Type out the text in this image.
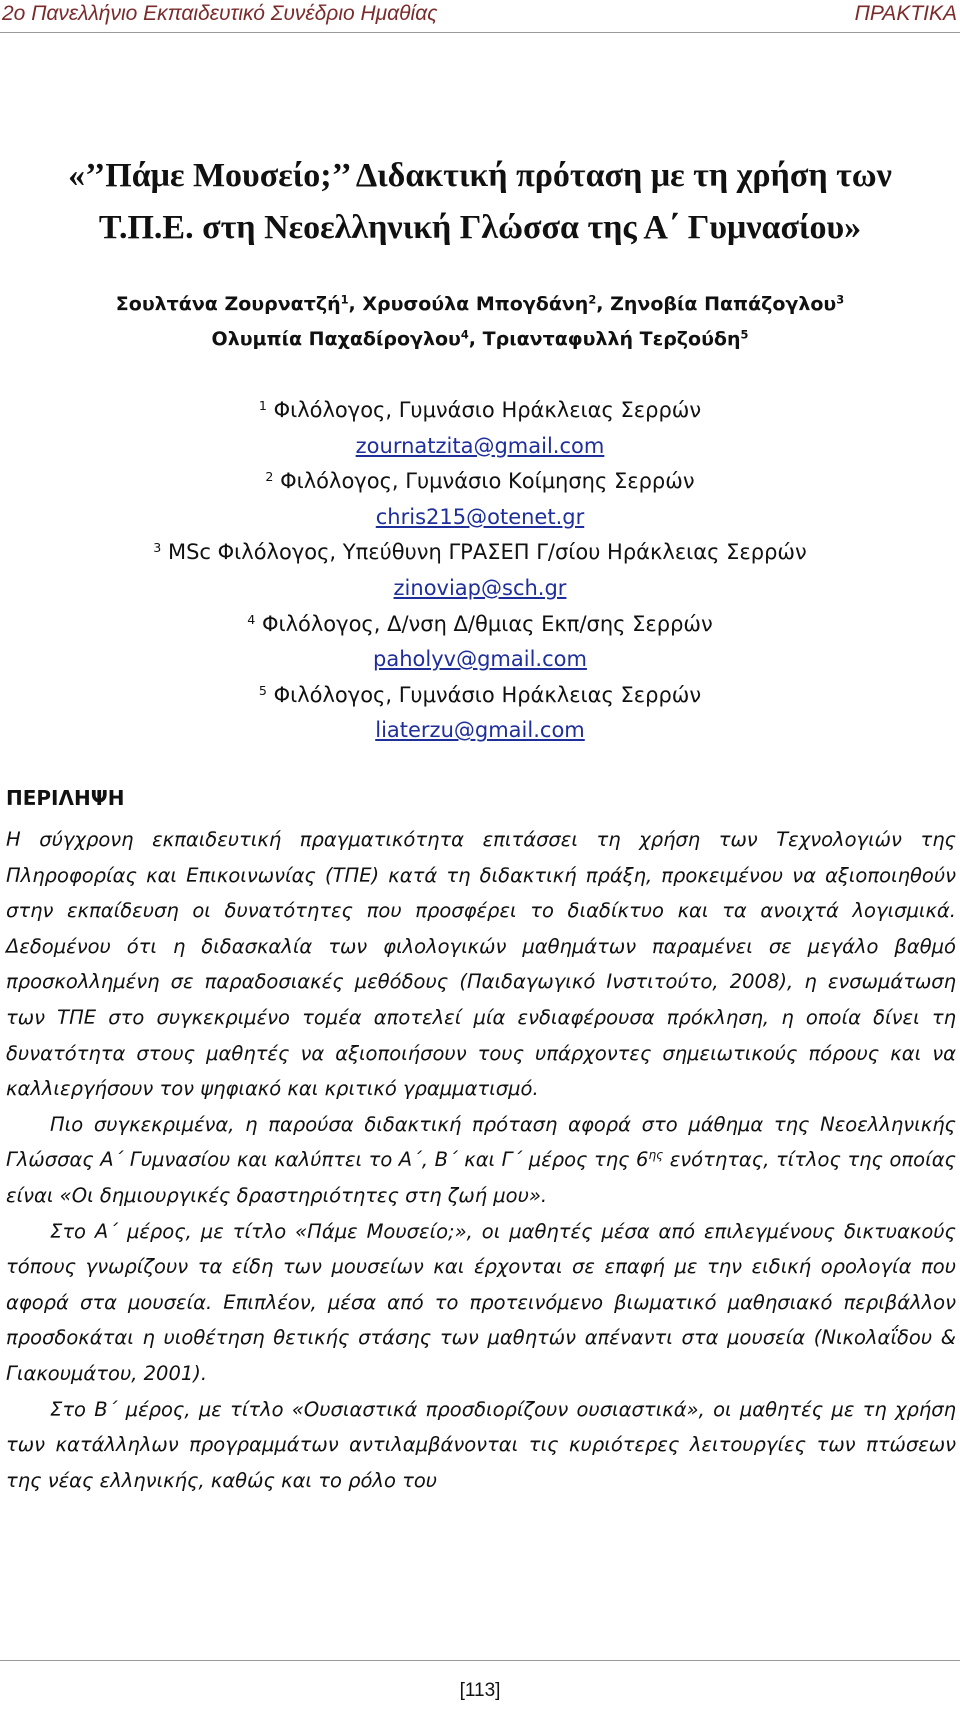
2ο Πανελλήνιο Εκπαιδευτικό Συνέδριο Ημαθίας	ΠΡΑΚΤΙΚΑ
«’’Πάμε Μουσείο;’’ Διδακτική πρόταση με τη χρήση των
Τ.Π.Ε. στη Νεοελληνική Γλώσσα της Α΄ Γυμνασίου»
Σουλτάνα Ζουρνατζή$^1$, Χρυσούλα Μπογδάνη$^2$, Ζηνοβία Παπάζογλου$^3$
Ολυμπία Παχαδίρογλου$^4$, Τριανταφυλλή Τερζούδη$^5$
$^1$ Φιλόλογος, Γυμνάσιο Ηράκλειας Σερρών
zournatzita@gmail.com
$^2$ Φιλόλογος, Γυμνάσιο Κοίμησης Σερρών
chris215@otenet.gr
$^3$ MSc Φιλόλογος, Υπεύθυνη ΓΡΑΣΕΠ Γ/σίου Ηράκλειας Σερρών
zinoviap@sch.gr
$^4$ Φιλόλογος, Δ/νση Δ/θμιας Εκπ/σης Σερρών
paholyv@gmail.com
$^5$ Φιλόλογος, Γυμνάσιο Ηράκλειας Σερρών
liaterzu@gmail.com
ΠΕΡΙΛΗΨΗ

Η σύγχρονη εκπαιδευτική πραγματικότητα επιτάσσει τη χρήση των Τεχνολογιών της Πληροφορίας και Επικοινωνίας (ΤΠΕ) κατά τη διδακτική πράξη, προκειμένου να αξιοποιηθούν στην εκπαίδευση οι δυνατότητες που προσφέρει το διαδίκτυο και τα ανοιχτά λογισμικά. Δεδομένου ότι η διδασκαλία των φιλολογικών μαθημάτων παραμένει σε μεγάλο βαθμό προσκολλημένη σε παραδοσιακές μεθόδους (Παιδαγωγικό Ινστιτούτο, 2008), η ενσωμάτωση των ΤΠΕ στο συγκεκριμένο τομέα αποτελεί μία ενδιαφέρουσα πρόκληση, η οποία δίνει τη δυνατότητα στους μαθητές να αξιοποιήσουν τους υπάρχοντες σημειωτικούς πόρους και να καλλιεργήσουν τον ψηφιακό και κριτικό γραμματισμό.

Πιο συγκεκριμένα, η παρούσα διδακτική πρόταση αφορά στο μάθημα της Νεοελληνικής Γλώσσας Α΄ Γυμνασίου και καλύπτει το Α΄, Β΄ και Γ΄ μέρος της $6^{\eta\varsigma}$ ενότητας, τίτλος της οποίας είναι «Οι δημιουργικές δραστηριότητες στη ζωή μου».

Στο Α΄ μέρος, με τίτλο «Πάμε Μουσείο;», οι μαθητές μέσα από επιλεγμένους δικτυακούς τόπους γνωρίζουν τα είδη των μουσείων και έρχονται σε επαφή με την ειδική ορολογία που αφορά στα μουσεία. Επιπλέον, μέσα από το προτεινόμενο βιωματικό μαθησιακό περιβάλλον προσδοκάται η υιοθέτηση θετικής στάσης των μαθητών απέναντι στα μουσεία (Νικολαΐδου & Γιακουμάτου, 2001).

Στο Β΄ μέρος, με τίτλο «Ουσιαστικά προσδιορίζουν ουσιαστικά», οι μαθητές με τη χρήση των κατάλληλων προγραμμάτων αντιλαμβάνονται τις κυριότερες λειτουργίες των πτώσεων της νέας ελληνικής, καθώς και το ρόλο του

[113]
